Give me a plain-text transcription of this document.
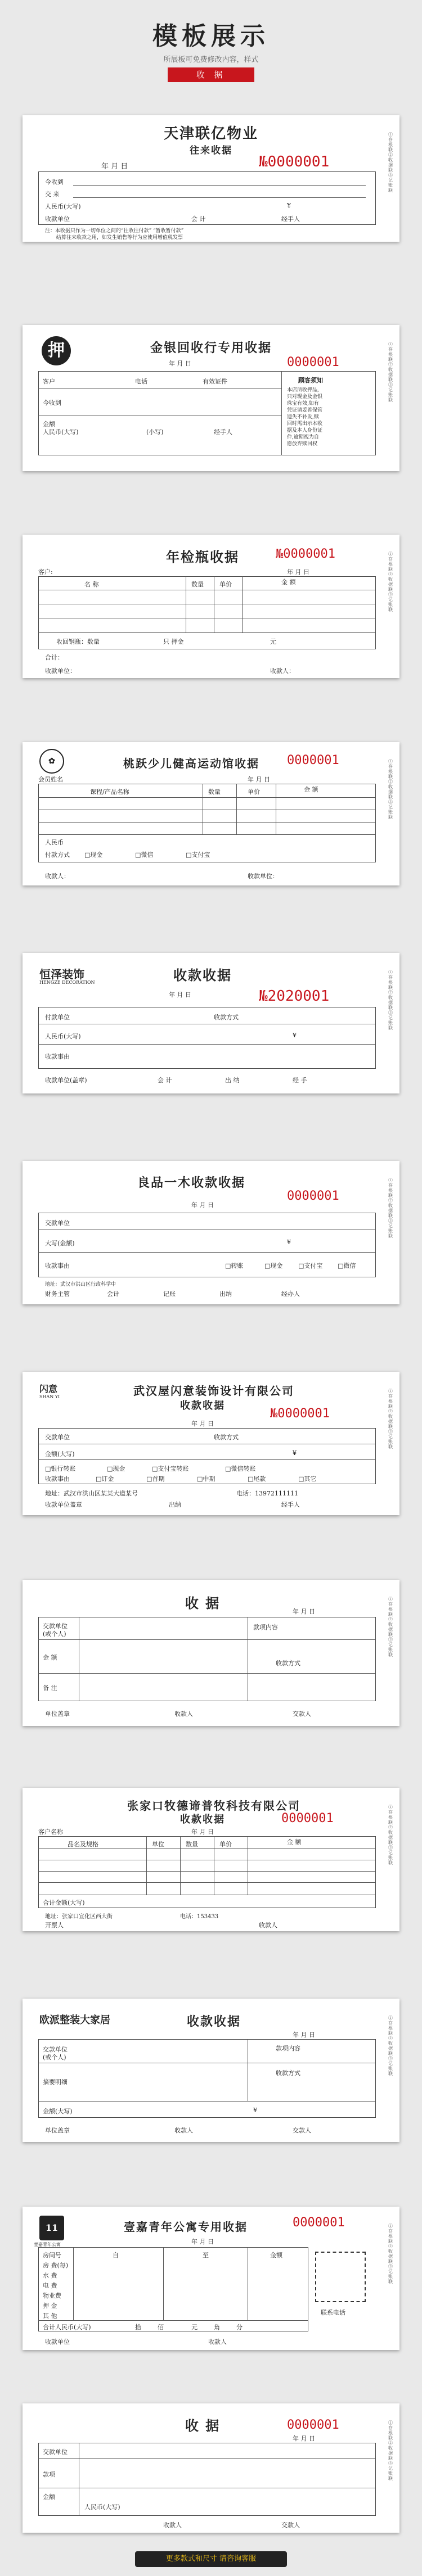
模板展示
所展板可免费修改内容，样式
收 据
天津联亿物业
往来收据
年 月 日	№0000001
今收到
交 来
人民币(大写)	¥
收款单位	会 计	经手人
注：本收据只作为一切单位之间的“往收往付款” “暂收暂付款”
结算往来收款之用，如发生销售等行为应使用增值税发票
①存根联 ②收据联 ③记账联
押	金银回收行专用收据
年 月 日	0000001
客户	电话	有效证件
今收到
金额
人民币(大写)	(小写)	经手人
顾客须知
本店所收押品,
只对现金及金银
珠宝有效,如有
凭证请妥善保管
遗失不补发,赎
回时需出示本收
据及本人身份证
件,逾期视为自
愿放弃赎回权
①存根联 ②收据联 ③记账联
年检瓶收据	№0000001
客户:	年 月 日
名 称	数量	单价	金 额
收回钢瓶：数量	只 押金	元
合计：
收款单位：	收款人：
①存根联 ②收据联 ③记账联
✿	桃跃少儿健高运动馆收据	0000001
会员姓名	年 月 日
课程/产品名称	数量	单价	金 额
人民币
付款方式 □现金	□微信	□支付宝
收款人：	收款单位：
①存根联 ②收据联 ③记账联
恒泽装饰
HENGZE DECORATION	收款收据
№2020001
年 月 日
付款单位	收款方式
人民币(大写)	¥
收款事由
收款单位(盖章)	会 计	出 纳	经 手
①存根联 ②收据联 ③记账联
良品一木收款收据
0000001
年 月 日
交款单位
大写(金额)	¥
收款事由	□转账	□现金	□支付宝 □微信
地址：武汉市洪山区行政科学中
财务主管	会计	记账	出纳	经办人
①存根联 ②收据联 ③记账联
闪意
SHAN YI	武汉屋闪意装饰设计有限公司
收款收据
№0000001
年 月 日
交款单位	收款方式
金额(大写)	¥
□银行转账	□现金	□支付宝转账	□微信转账
收款事由	□订金	□首期	□中期	□尾款	□其它
地址：武汉市洪山区某某大道某号	电话：13972111111
收款单位盖章	出纳	经手人
①存根联 ②收据联 ③记账联
收 据
年 月 日
交款单位
(或个人)
款项内容
金 额
收款方式
备 注
单位盖章	收款人	交款人
①存根联 ②收据联 ③记账联
张家口牧德谛普牧科技有限公司
收款收据	0000001
客户名称	年 月 日
品名及规格	单位	数量	单价	金 额
合计金额(大写)
地址：张家口宣化区西大街	电话：153433
开票人	收款人
①存根联 ②收据联 ③记账联
欧派整装大家居	收款收据
年 月 日
交款单位
(或个人)
款项内容
收款方式
摘要明细
金额(大写)	¥
单位盖章	收款人	交款人
①存根联 ②收据联 ③记账联
11
壹嘉青年公寓
壹嘉青年公寓专用收据	0000001
年 月 日
房间号
房 费(每)
水 费
电 费
物业费
押 金
其 他
自	至	金额
合计人民币(大写)	拾	佰	元	角	分
联系电话
收款单位	收款人
①存根联 ②收据联 ③记账联
收 据	0000001
年 月 日
交款单位
款项
金额
人民币(大写)
收款人	交款人
①存根联 ②收据联 ③记账联
更多款式和尺寸 请咨询客服
